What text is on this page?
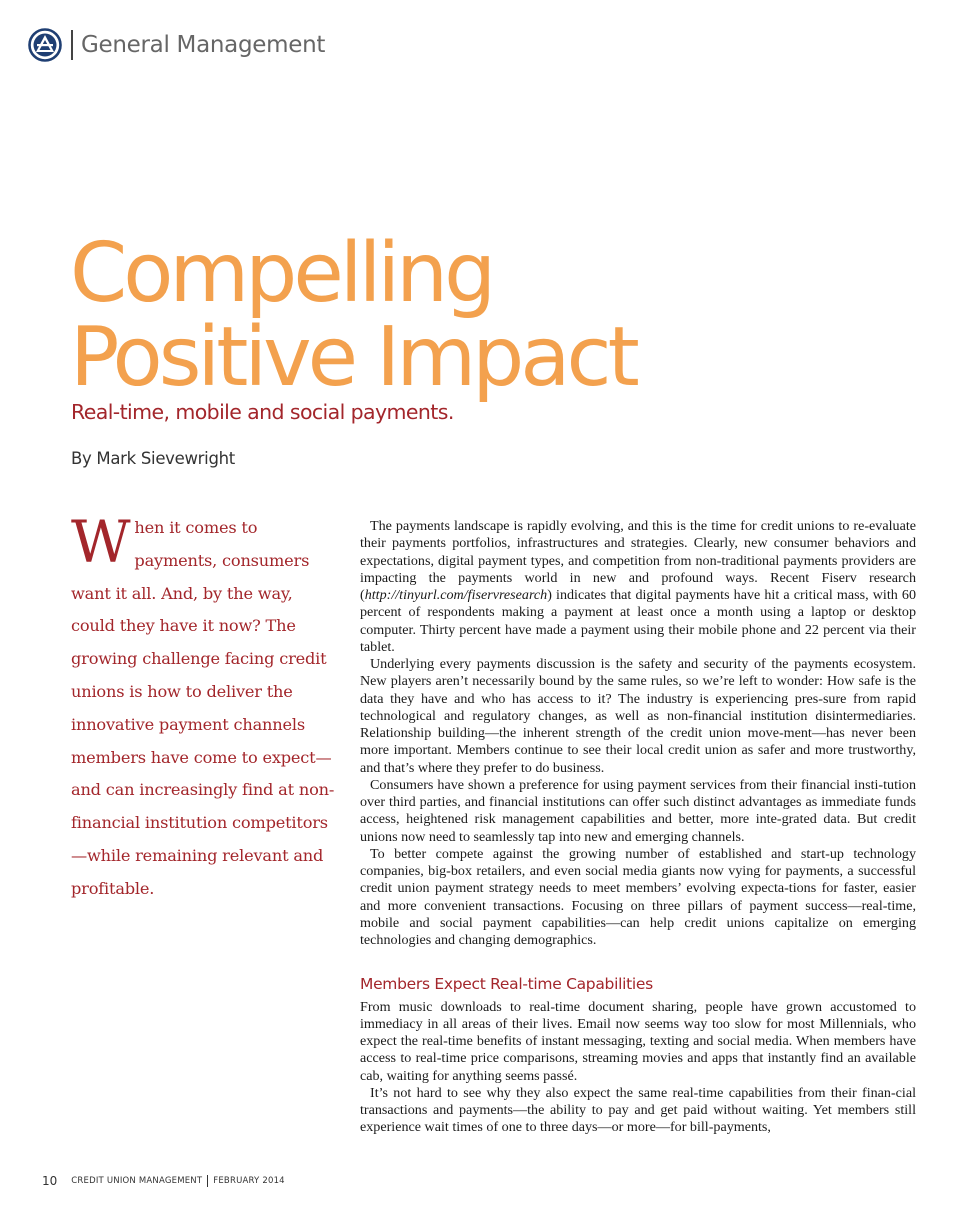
General Management
Compelling
Positive Impact
Real-time, mobile and social payments.
By Mark Sievewright

When it comes to payments, consumers want it all. And, by the way, could they have it now? The growing challenge facing credit unions is how to deliver the innovative payment channels members have come to expect—and can increasingly find at non-financial institution competitors—while remaining relevant and profitable.

The payments landscape is rapidly evolving, and this is the time for credit unions to re-evaluate their payments portfolios, infrastructures and strategies. Clearly, new consumer behaviors and expectations, digital payment types, and competition from non-traditional payments providers are impacting the payments world in new and profound ways. Recent Fiserv research (http://tinyurl.com/fiservresearch) indicates that digital payments have hit a critical mass, with 60 percent of respondents making a payment at least once a month using a laptop or desktop computer. Thirty percent have made a payment using their mobile phone and 22 percent via their tablet.

Underlying every payments discussion is the safety and security of the payments ecosystem. New players aren’t necessarily bound by the same rules, so we’re left to wonder: How safe is the data they have and who has access to it? The industry is experiencing pres-sure from rapid technological and regulatory changes, as well as non-financial institution disintermediaries. Relationship building—the inherent strength of the credit union move-ment—has never been more important. Members continue to see their local credit union as safer and more trustworthy, and that’s where they prefer to do business.

Consumers have shown a preference for using payment services from their financial insti-tution over third parties, and financial institutions can offer such distinct advantages as immediate funds access, heightened risk management capabilities and better, more inte-grated data. But credit unions now need to seamlessly tap into new and emerging channels.

To better compete against the growing number of established and start-up technology companies, big-box retailers, and even social media giants now vying for payments, a successful credit union payment strategy needs to meet members’ evolving expecta-tions for faster, easier and more convenient transactions. Focusing on three pillars of payment success—real-time, mobile and social payment capabilities—can help credit unions capitalize on emerging technologies and changing demographics.

Members Expect Real-time Capabilities

From music downloads to real-time document sharing, people have grown accustomed to immediacy in all areas of their lives. Email now seems way too slow for most Millennials, who expect the real-time benefits of instant messaging, texting and social media. When members have access to real-time price comparisons, streaming movies and apps that instantly find an available cab, waiting for anything seems passé.

It’s not hard to see why they also expect the same real-time capabilities from their finan-cial transactions and payments—the ability to pay and get paid without waiting. Yet members still experience wait times of one to three days—or more—for bill-payments,

10 CREDIT UNION MANAGEMENT FEBRUARY 2014
